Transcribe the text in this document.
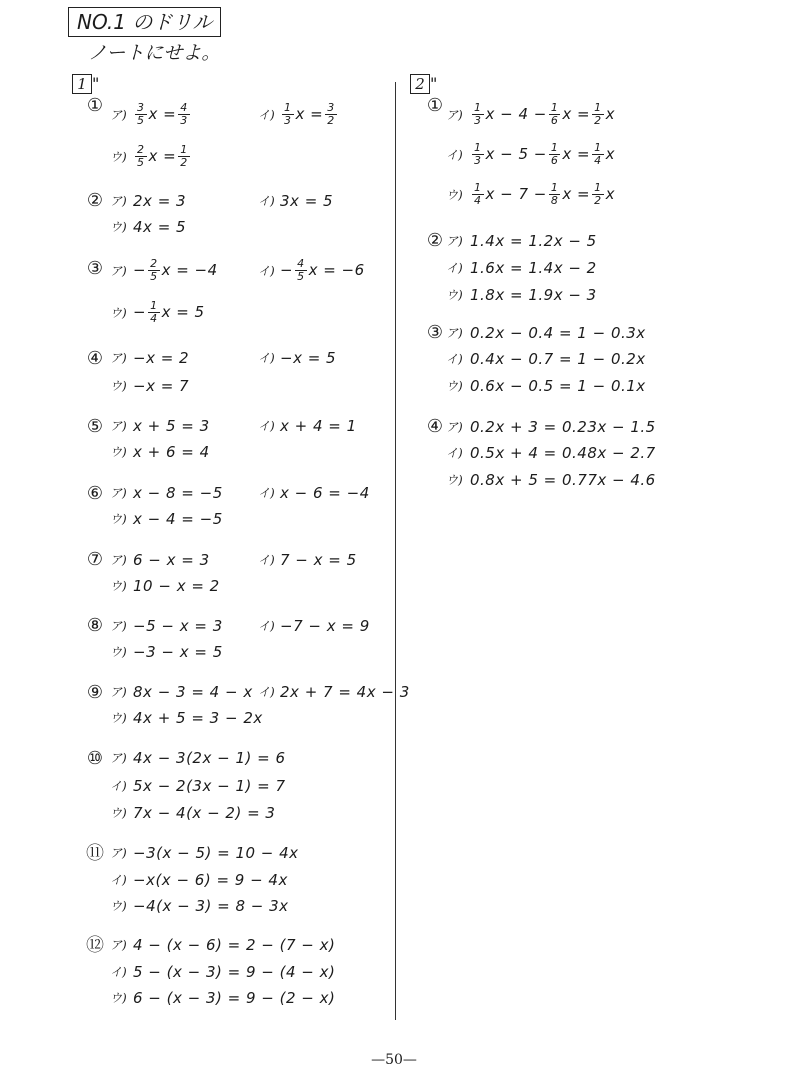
NO.1 のドリル
ノートにせよ。
1 "	2 "
① ア) $\frac{3}{5}$ $x = \frac{4}{3}$	イ) $\frac{1}{3}$ $x = \frac{3}{2}$
ウ) $\frac{2}{5}$ $x = \frac{1}{2}$
② ア) 2x = 3	イ) 3x = 5
ウ) 4x = 5
③ ア) − $\frac{2}{5}$ x = −4	イ) − $\frac{4}{5}$ x = −6
ウ) − $\frac{1}{4}$ x = 5
④ ア) −x = 2	イ) −x = 5
ウ) −x = 7
⑤ ア) x + 5 = 3	イ) x + 4 = 1
ウ) x + 6 = 4
⑥ ア) x − 8 = −5	イ) x − 6 = −4
ウ) x − 4 = −5
⑦ ア) 6 − x = 3	イ) 7 − x = 5
ウ) 10 − x = 2
⑧ ア) −5 − x = 3	イ) −7 − x = 9
ウ) −3 − x = 5
⑨ ア) 8x − 3 = 4 − x イ) 2x + 7 = 4x − 3
ウ) 4x + 5 = 3 − 2x
⑩ ア) 4x − 3(2x − 1) = 6
イ) 5x − 2(3x − 1) = 7
ウ) 7x − 4(x − 2) = 3
⑪ ア) −3(x − 5) = 10 − 4x
イ) −x(x − 6) = 9 − 4x
ウ) −4(x − 3) = 8 − 3x
⑫ ア) 4 − (x − 6) = 2 − (7 − x)
イ) 5 − (x − 3) = 9 − (4 − x)
ウ) 6 − (x − 3) = 9 − (2 − x)
① ア) $\frac{1}{3}$ $x - 4 - \frac{1}{6}$ $x = \frac{1}{2}$ x
イ) $\frac{1}{3}$ $x - 5 - \frac{1}{6}$ $x = \frac{1}{4}$ x
ウ) $\frac{1}{4}$ $x - 7 - \frac{1}{8}$ $x = \frac{1}{2}$ x
② ア) 1.4x = 1.2x − 5
イ) 1.6x = 1.4x − 2
ウ) 1.8x = 1.9x − 3
③ ア) 0.2x − 0.4 = 1 − 0.3x
イ) 0.4x − 0.7 = 1 − 0.2x
ウ) 0.6x − 0.5 = 1 − 0.1x
④ ア) 0.2x + 3 = 0.23x − 1.5
イ) 0.5x + 4 = 0.48x − 2.7
ウ) 0.8x + 5 = 0.77x − 4.6
—50—
